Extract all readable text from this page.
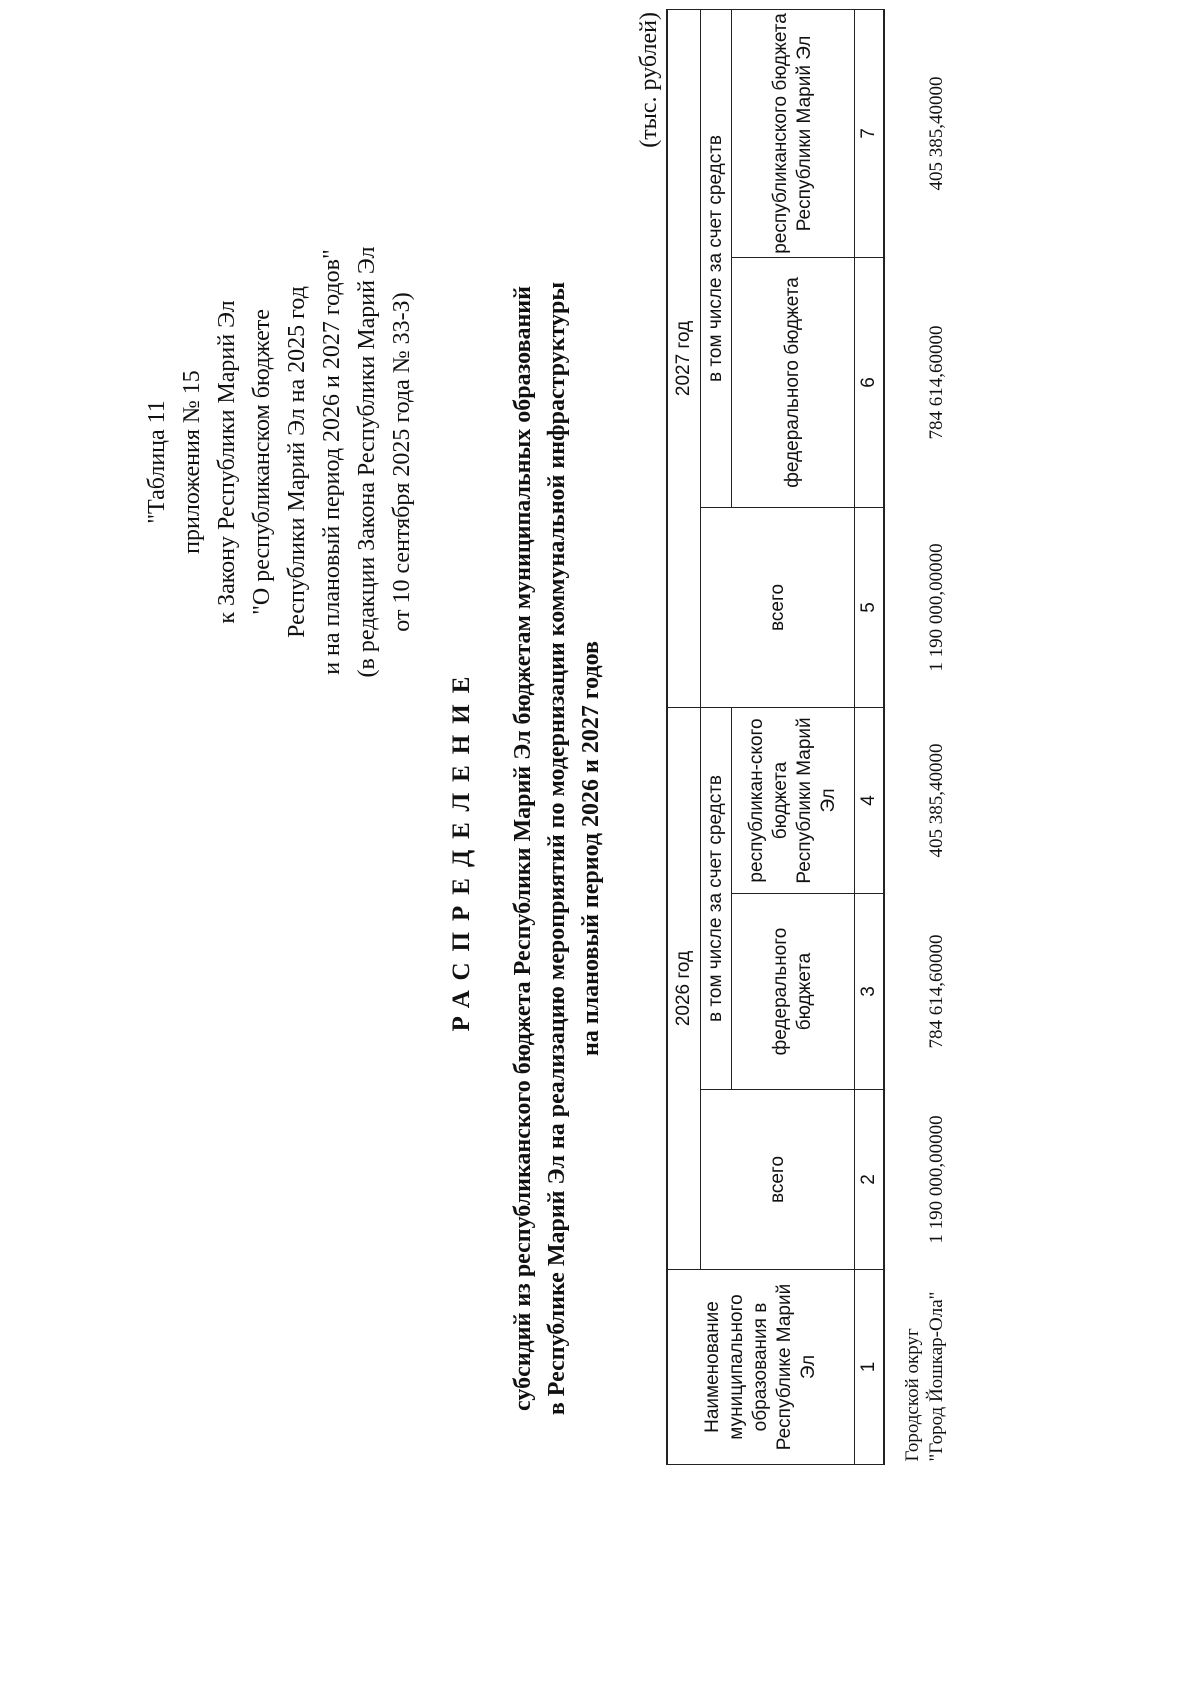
"Таблица 11 приложения № 15 к Закону Республики Марий Эл "О республиканском бюджете Республики Марий Эл на 2025 год и на плановый период 2026 и 2027 годов" (в редакции Закона Республики Марий Эл от 10 сентября 2025 года № 33-З)
РАСПРЕДЕЛЕНИЕ субсидий из республиканского бюджета Республики Марий Эл бюджетам муниципальных образований в Республике Марий Эл на реализацию мероприятий по модернизации коммунальной инфраструктуры на плановый период 2026 и 2027 годов
(тыс. рублей)
Наименование муниципального образования в Республике Марий Эл	2026 год			2027 год		
	всего	в том числе за счет средств		всего	в том числе за счет средств	
		федерального бюджета	республикан-ского бюджета Республики Марий Эл		федерального бюджета	республиканского бюджета Республики Марий Эл
1	2	3	4	5	6	7

Городской округ "Город Йошкар-Ола"	1 190 000,00000	784 614,60000	405 385,40000	1 190 000,00000	784 614,60000	405 385,40000
